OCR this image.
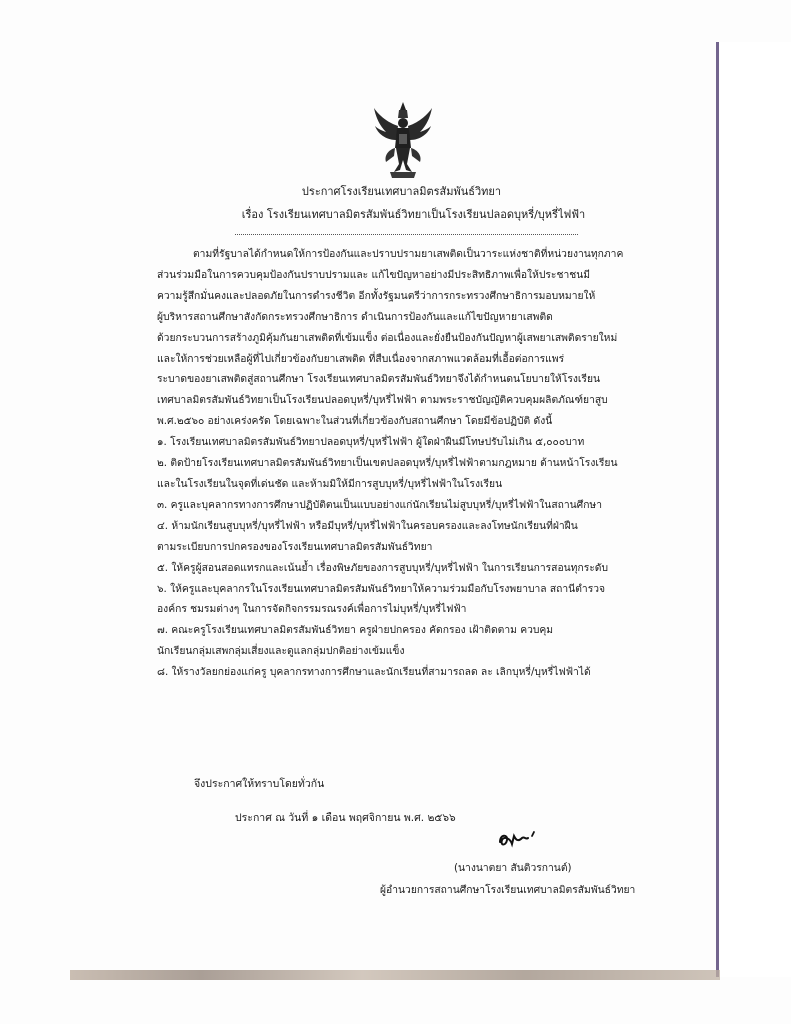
ประกาศโรงเรียนเทศบาลมิตรสัมพันธ์วิทยา
เรื่อง โรงเรียนเทศบาลมิตรสัมพันธ์วิทยาเป็นโรงเรียนปลอดบุหรี่/บุหรี่ไฟฟ้า

ตามที่รัฐบาลได้กำหนดให้การป้องกันและปราบปรามยาเสพติดเป็นวาระแห่งชาติที่หน่วยงานทุกภาค

ส่วนร่วมมือในการควบคุมป้องกันปราบปรามและ แก้ไขปัญหาอย่างมีประสิทธิภาพเพื่อให้ประชาชนมี

ความรู้สึกมั่นคงและปลอดภัยในการดำรงชีวิต อีกทั้งรัฐมนตรีว่าการกระทรวงศึกษาธิการมอบหมายให้

ผู้บริหารสถานศึกษาสังกัดกระทรวงศึกษาธิการ ดำเนินการป้องกันและแก้ไขปัญหายาเสพติด

ด้วยกระบวนการสร้างภูมิคุ้มกันยาเสพติดที่เข้มแข็ง ต่อเนื่องและยั่งยืนป้องกันปัญหาผู้เสพยาเสพติดรายใหม่

และให้การช่วยเหลือผู้ที่ไปเกี่ยวข้องกับยาเสพติด ที่สืบเนื่องจากสภาพแวดล้อมที่เอื้อต่อการแพร่

ระบาดของยาเสพติดสู่สถานศึกษา โรงเรียนเทศบาลมิตรสัมพันธ์วิทยาจึงได้กำหนดนโยบายให้โรงเรียน

เทศบาลมิตรสัมพันธ์วิทยาเป็นโรงเรียนปลอดบุหรี่/บุหรี่ไฟฟ้า ตามพระราชบัญญัติควบคุมผลิตภัณฑ์ยาสูบ

พ.ศ.๒๕๖๐ อย่างเคร่งครัด โดยเฉพาะในส่วนที่เกี่ยวข้องกับสถานศึกษา โดยมีข้อปฏิบัติ ดังนี้

๑. โรงเรียนเทศบาลมิตรสัมพันธ์วิทยาปลอดบุหรี่/บุหรี่ไฟฟ้า ผู้ใดฝ่าฝืนมีโทษปรับไม่เกิน ๕,๐๐๐บาท

๒. ติดป้ายโรงเรียนเทศบาลมิตรสัมพันธ์วิทยาเป็นเขตปลอดบุหรี่/บุหรี่ไฟฟ้าตามกฎหมาย ด้านหน้าโรงเรียน

และในโรงเรียนในจุดที่เด่นชัด และห้ามมิให้มีการสูบบุหรี่/บุหรี่ไฟฟ้าในโรงเรียน

๓. ครูและบุคลากรทางการศึกษาปฏิบัติตนเป็นแบบอย่างแก่นักเรียนไม่สูบบุหรี่/บุหรี่ไฟฟ้าในสถานศึกษา

๔. ห้ามนักเรียนสูบบุหรี่/บุหรี่ไฟฟ้า หรือมีบุหรี่/บุหรี่ไฟฟ้าในครอบครองและลงโทษนักเรียนที่ฝ่าฝืน

ตามระเบียบการปกครองของโรงเรียนเทศบาลมิตรสัมพันธ์วิทยา

๕. ให้ครูผู้สอนสอดแทรกและเน้นย้ำ เรื่องพิษภัยของการสูบบุหรี่/บุหรี่ไฟฟ้า ในการเรียนการสอนทุกระดับ

๖. ให้ครูและบุคลากรในโรงเรียนเทศบาลมิตรสัมพันธ์วิทยาให้ความร่วมมือกับโรงพยาบาล สถานีตำรวจ

องค์กร ชมรมต่างๆ ในการจัดกิจกรรมรณรงค์เพื่อการไม่บุหรี่/บุหรี่ไฟฟ้า

๗. คณะครูโรงเรียนเทศบาลมิตรสัมพันธ์วิทยา ครูฝ่ายปกครอง คัดกรอง เฝ้าติดตาม ควบคุม

นักเรียนกลุ่มเสพกลุ่มเสี่ยงและดูแลกลุ่มปกติอย่างเข้มแข็ง

๘. ให้รางวัลยกย่องแก่ครู บุคลากรทางการศึกษาและนักเรียนที่สามารถลด ละ เลิกบุหรี่/บุหรี่ไฟฟ้าได้

จึงประกาศให้ทราบโดยทั่วกัน
ประกาศ ณ วันที่ ๑ เดือน พฤศจิกายน พ.ศ. ๒๕๖๖
(นางนาตยา สันติวรกานต์)
ผู้อำนวยการสถานศึกษาโรงเรียนเทศบาลมิตรสัมพันธ์วิทยา
